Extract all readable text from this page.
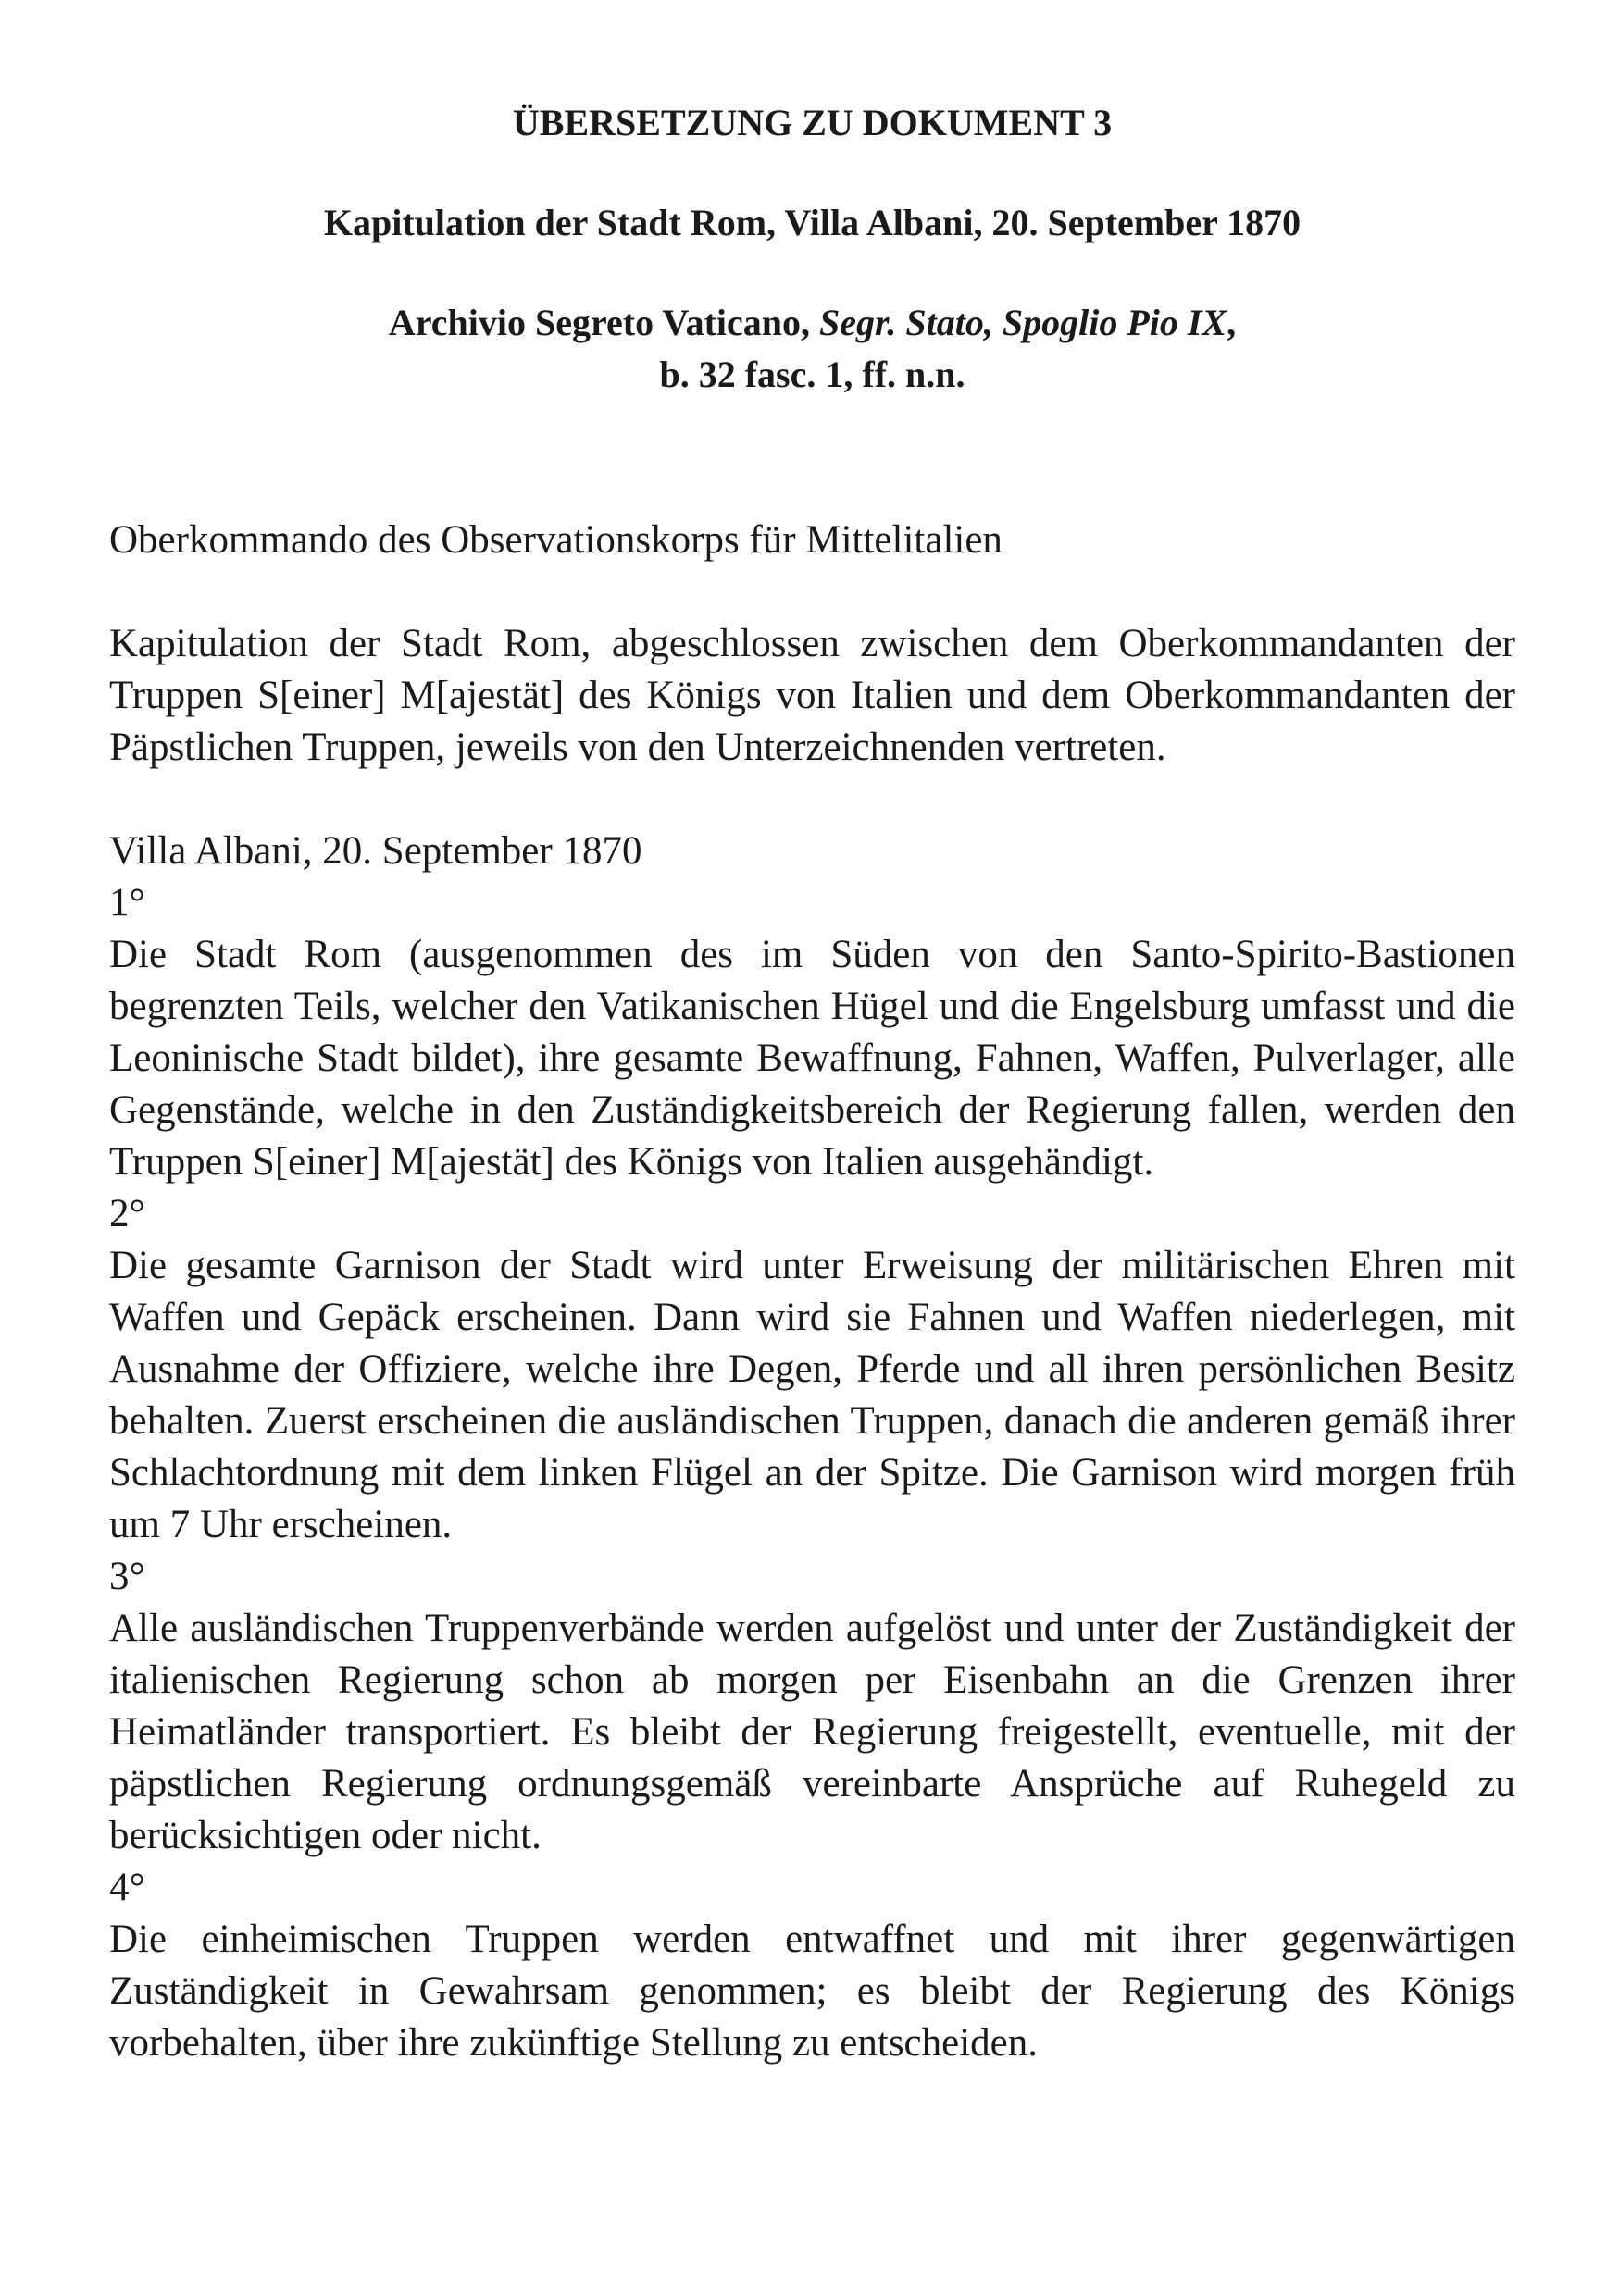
ÜBERSETZUNG ZU DOKUMENT 3

Kapitulation der Stadt Rom, Villa Albani, 20. September 1870

Archivio Segreto Vaticano, Segr. Stato, Spoglio Pio IX,

b. 32 fasc. 1, ff. n.n.

Oberkommando des Observationskorps für Mittelitalien

Kapitulation der Stadt Rom, abgeschlossen zwischen dem Oberkommandanten der Truppen S[einer] M[ajestät] des Königs von Italien und dem Oberkommandanten der Päpstlichen Truppen, jeweils von den Unterzeichnenden vertreten.

Villa Albani, 20. September 1870

1°

Die Stadt Rom (ausgenommen des im Süden von den Santo-Spirito-Bastionen begrenzten Teils, welcher den Vatikanischen Hügel und die Engelsburg umfasst und die Leoninische Stadt bildet), ihre gesamte Bewaffnung, Fahnen, Waffen, Pulverlager, alle Gegenstände, welche in den Zuständigkeitsbereich der Regierung fallen, werden den Truppen S[einer] M[ajestät] des Königs von Italien ausgehändigt.

2°

Die gesamte Garnison der Stadt wird unter Erweisung der militärischen Ehren mit Waffen und Gepäck erscheinen. Dann wird sie Fahnen und Waffen niederlegen, mit Ausnahme der Offiziere, welche ihre Degen, Pferde und all ihren persönlichen Besitz behalten. Zuerst erscheinen die ausländischen Truppen, danach die anderen gemäß ihrer Schlachtordnung mit dem linken Flügel an der Spitze. Die Garnison wird morgen früh um 7 Uhr erscheinen.

3°

Alle ausländischen Truppenverbände werden aufgelöst und unter der Zuständigkeit der italienischen Regierung schon ab morgen per Eisenbahn an die Grenzen ihrer Heimatländer transportiert. Es bleibt der Regierung freigestellt, eventuelle, mit der päpstlichen Regierung ordnungsgemäß vereinbarte Ansprüche auf Ruhegeld zu berücksichtigen oder nicht.

4°

Die einheimischen Truppen werden entwaffnet und mit ihrer gegenwärtigen Zuständigkeit in Gewahrsam genommen; es bleibt der Regierung des Königs vorbehalten, über ihre zukünftige Stellung zu entscheiden.
